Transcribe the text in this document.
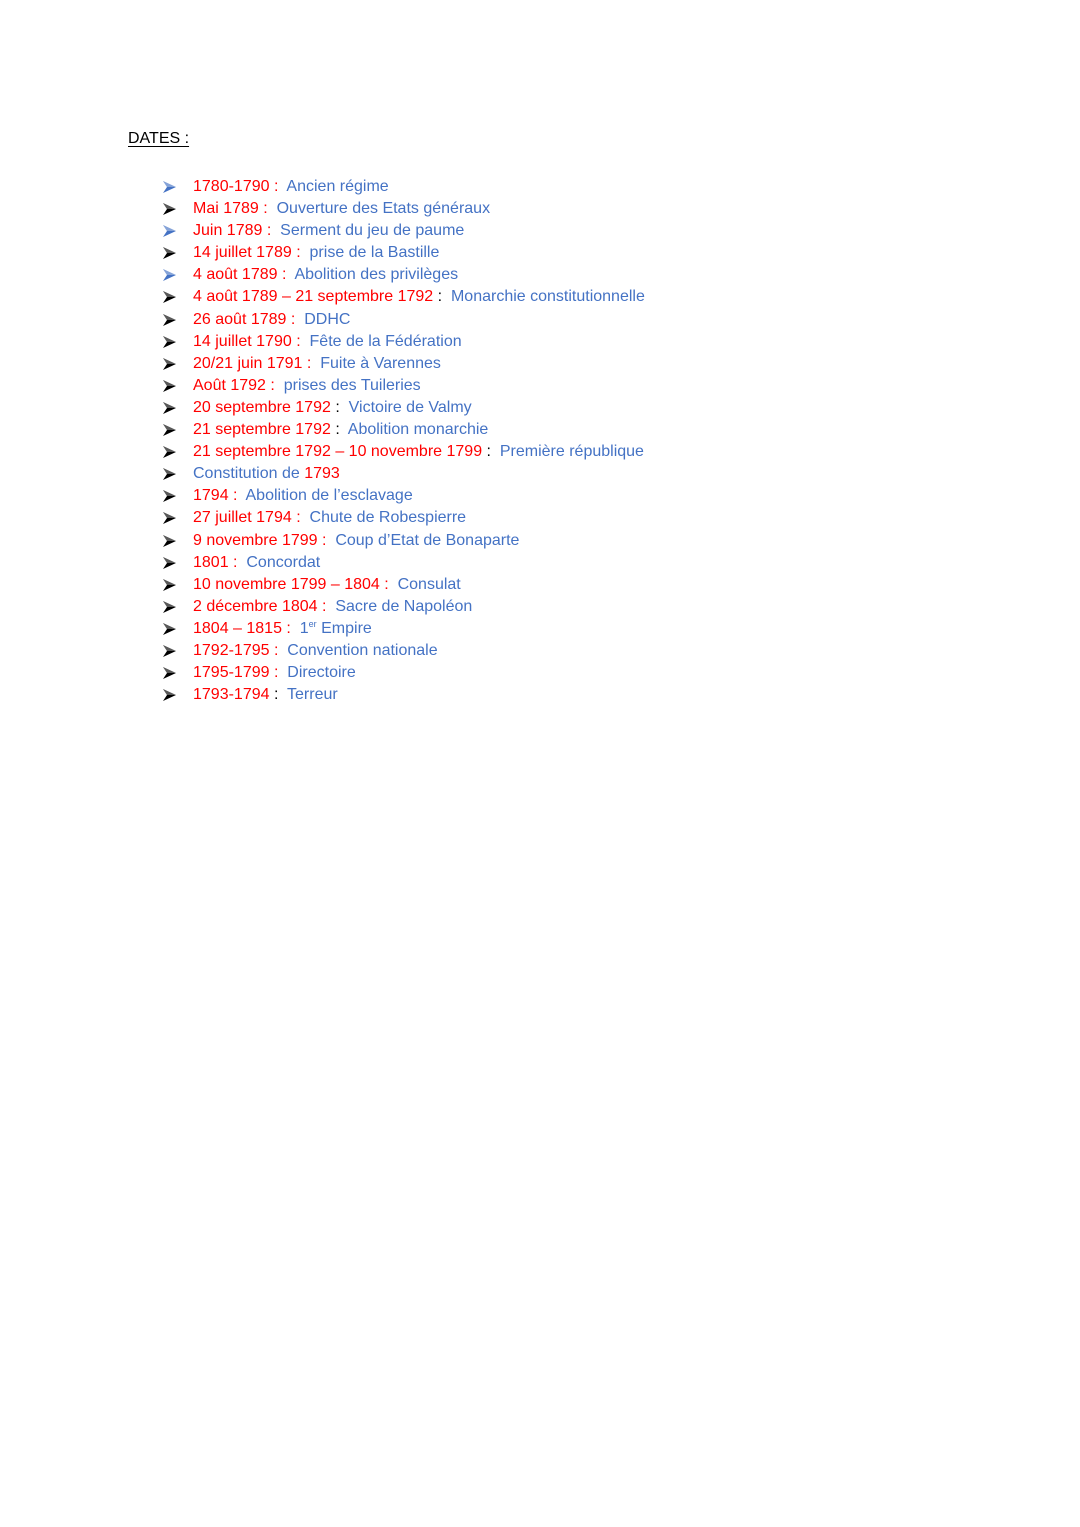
DATES :
1780-1790 :  Ancien régime
Mai 1789 :  Ouverture des Etats généraux
Juin 1789 :  Serment du jeu de paume
14 juillet 1789 :  prise de la Bastille
4 août 1789 :  Abolition des privilèges
4 août 1789 – 21 septembre 1792 :  Monarchie constitutionnelle
26 août 1789 :  DDHC
14 juillet 1790 :  Fête de la Fédération
20/21 juin 1791 :  Fuite à Varennes
Août 1792 :  prises des Tuileries
20 septembre 1792 :  Victoire de Valmy
21 septembre 1792 :  Abolition monarchie
21 septembre 1792 – 10 novembre 1799 :  Première république
Constitution de 1793
1794 :  Abolition de l’esclavage
27 juillet 1794 :  Chute de Robespierre
9 novembre 1799 :  Coup d’Etat de Bonaparte
1801 :  Concordat
10 novembre 1799 – 1804 :  Consulat
2 décembre 1804 :  Sacre de Napoléon
1804 – 1815 :  1er Empire
1792-1795 :  Convention nationale
1795-1799 :  Directoire
1793-1794 :  Terreur
